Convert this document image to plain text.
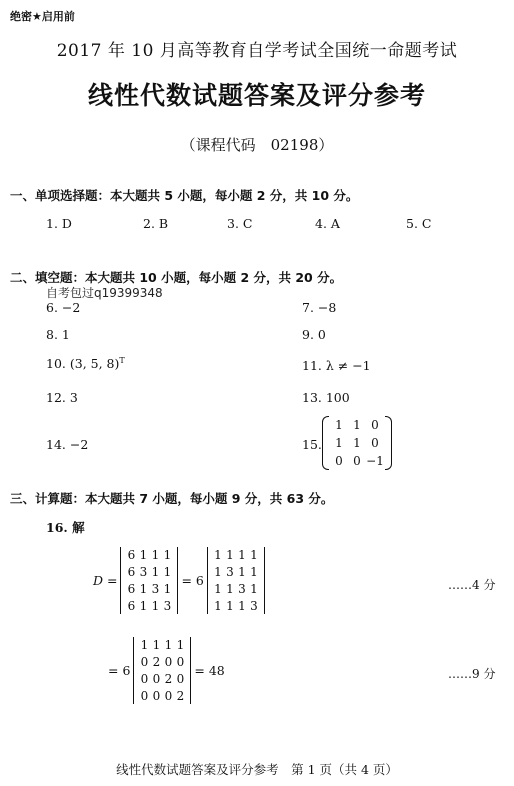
绝密★启用前
2017 年 10 月高等教育自学考试全国统一命题考试
线性代数试题答案及评分参考
（课程代码　02198）
一、单项选择题：本大题共 5 小题，每小题 2 分，共 10 分。
1. D	2. B	3. C	4. A	5. C
二、填空题：本大题共 10 小题，每小题 2 分，共 20 分。
自考包过q19399348
6. −2	7. −8
8. 1	9. 0
10. (3, 5, 8)$^T$	11. λ ≠ −1
12. 3	13. 100
14. −2	15.
1 1 0
1 1 0
0 0 −1
三、计算题：本大题共 7 小题，每小题 9 分，共 63 分。
16. 解
D =
6 1 1 1
6 3 1 1
6 1 3 1
6 1 1 3
= 6
1 1 1 1
1 3 1 1
1 1 3 1
1 1 1 3
……4 分
= 6
1 1 1 1
0 2 0 0
0 0 2 0
0 0 0 2
= 48	……9 分
线性代数试题答案及评分参考　第 1 页（共 4 页）
